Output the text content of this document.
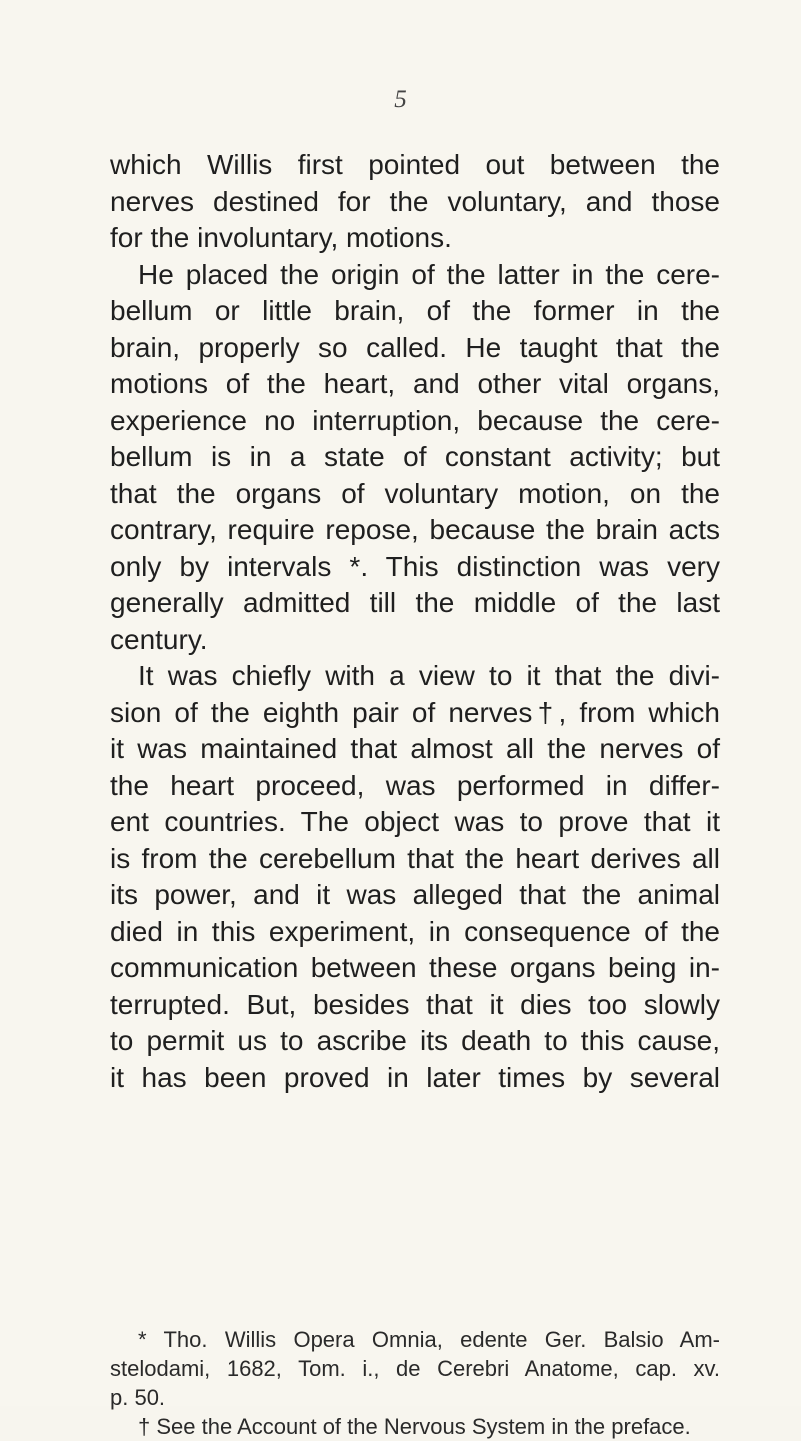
5
which Willis first pointed out between the
nerves destined for the voluntary, and those
for the involuntary, motions.
He placed the origin of the latter in the cere-
bellum or little brain, of the former in the
brain, properly so called. He taught that the
motions of the heart, and other vital organs,
experience no interruption, because the cere-
bellum is in a state of constant activity; but
that the organs of voluntary motion, on the
contrary, require repose, because the brain acts
only by intervals *. This distinction was very
generally admitted till the middle of the last
century.
It was chiefly with a view to it that the divi-
sion of the eighth pair of nerves†, from which
it was maintained that almost all the nerves of
the heart proceed, was performed in differ-
ent countries. The object was to prove that it
is from the cerebellum that the heart derives all
its power, and it was alleged that the animal
died in this experiment, in consequence of the
communication between these organs being in-
terrupted. But, besides that it dies too slowly
to permit us to ascribe its death to this cause,
it has been proved in later times by several
* Tho. Willis Opera Omnia, edente Ger. Balsio Am-
stelodami, 1682, Tom. i., de Cerebri Anatome, cap. xv.
p. 50.
† See the Account of the Nervous System in the preface.
